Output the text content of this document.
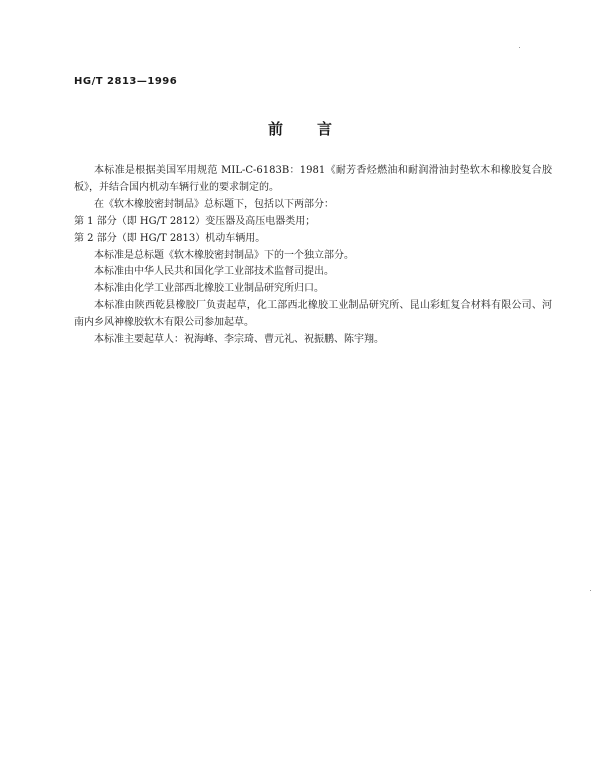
HG/T 2813—1996
前言

本标准是根据美国军用规范 MIL-C-6183B：1981《耐芳香烃燃油和耐润滑油封垫软木和橡胶复合胶板》，并结合国内机动车辆行业的要求制定的。

在《软木橡胶密封制品》总标题下，包括以下两部分：

第 1 部分（即 HG/T 2812）变压器及高压电器类用；

第 2 部分（即 HG/T 2813）机动车辆用。

本标准是总标题《软木橡胶密封制品》下的一个独立部分。

本标准由中华人民共和国化学工业部技术监督司提出。

本标准由化学工业部西北橡胶工业制品研究所归口。

本标准由陕西乾县橡胶厂负责起草，化工部西北橡胶工业制品研究所、昆山彩虹复合材料有限公司、河南内乡风神橡胶软木有限公司参加起草。

本标准主要起草人：祝海峰、李宗琦、曹元礼、祝振鹏、陈宇翔。
